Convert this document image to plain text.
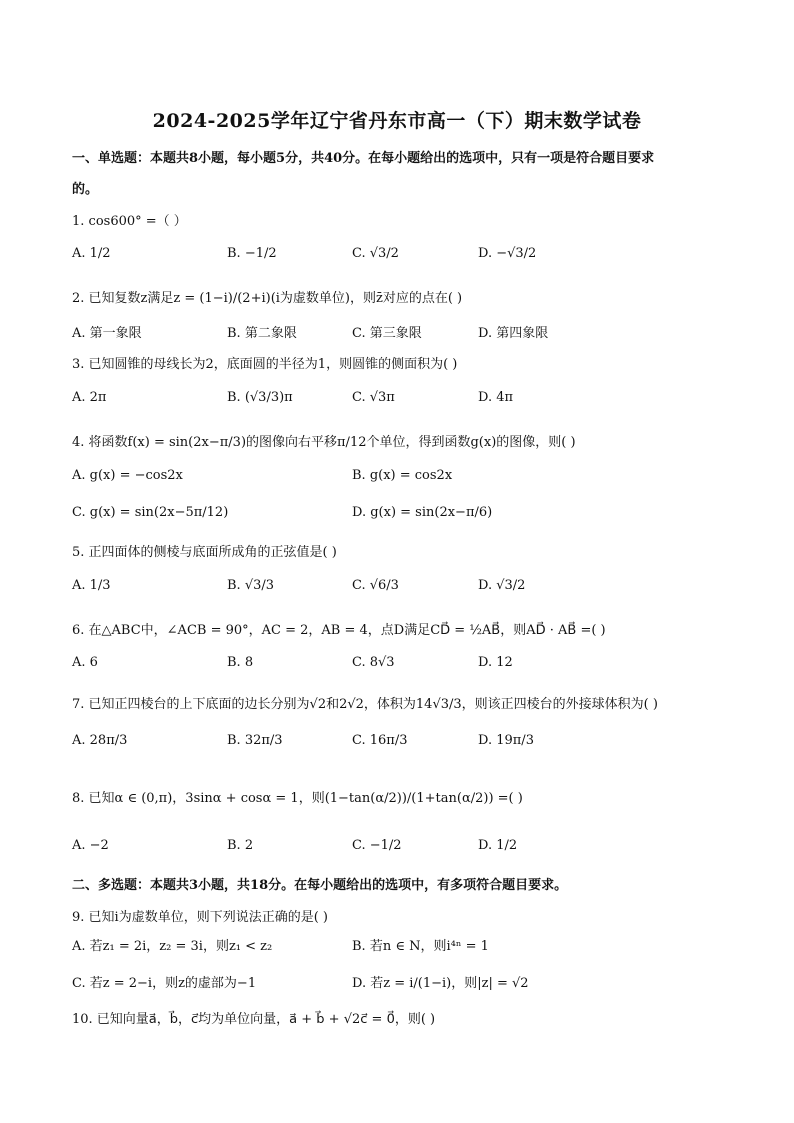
2024-2025学年辽宁省丹东市高一（下）期末数学试卷
一、单选题：本题共8小题，每小题5分，共40分。在每小题给出的选项中，只有一项是符合题目要求
的。
1. cos600° =（ ）
A. 1/2	B. −1/2	C. √3/2	D. −√3/2
2. 已知复数z满足z = (1−i)/(2+i)(i为虚数单位)，则z̄对应的点在( )
A. 第一象限	B. 第二象限	C. 第三象限	D. 第四象限
3. 已知圆锥的母线长为2，底面圆的半径为1，则圆锥的侧面积为( )
A. 2π	B. (√3/3)π	C. √3π	D. 4π
4. 将函数f(x) = sin(2x−π/3)的图像向右平移π/12个单位，得到函数g(x)的图像，则( )
A. g(x) = −cos2x	B. g(x) = cos2x
C. g(x) = sin(2x−5π/12)	D. g(x) = sin(2x−π/6)
5. 正四面体的侧棱与底面所成角的正弦值是( )
A. 1/3	B. √3/3	C. √6/3	D. √3/2
6. 在△ABC中，∠ACB = 90°，AC = 2，AB = 4，点D满足CD⃗ = ½AB⃗，则AD⃗ · AB⃗ =( )
A. 6	B. 8	C. 8√3	D. 12
7. 已知正四棱台的上下底面的边长分别为√2和2√2，体积为14√3/3，则该正四棱台的外接球体积为( )
A. 28π/3	B. 32π/3	C. 16π/3	D. 19π/3
8. 已知α ∈ (0,π)，3sinα + cosα = 1，则(1−tan(α/2))/(1+tan(α/2)) =( )
A. −2	B. 2	C. −1/2	D. 1/2
二、多选题：本题共3小题，共18分。在每小题给出的选项中，有多项符合题目要求。
9. 已知i为虚数单位，则下列说法正确的是( )
A. 若z₁ = 2i，z₂ = 3i，则z₁ < z₂	B. 若n ∈ N，则i⁴ⁿ = 1
C. 若z = 2−i，则z的虚部为−1	D. 若z = i/(1−i)，则|z| = √2
10. 已知向量a⃗，b⃗，c⃗均为单位向量，a⃗ + b⃗ + √2c⃗ = 0⃗，则( )
